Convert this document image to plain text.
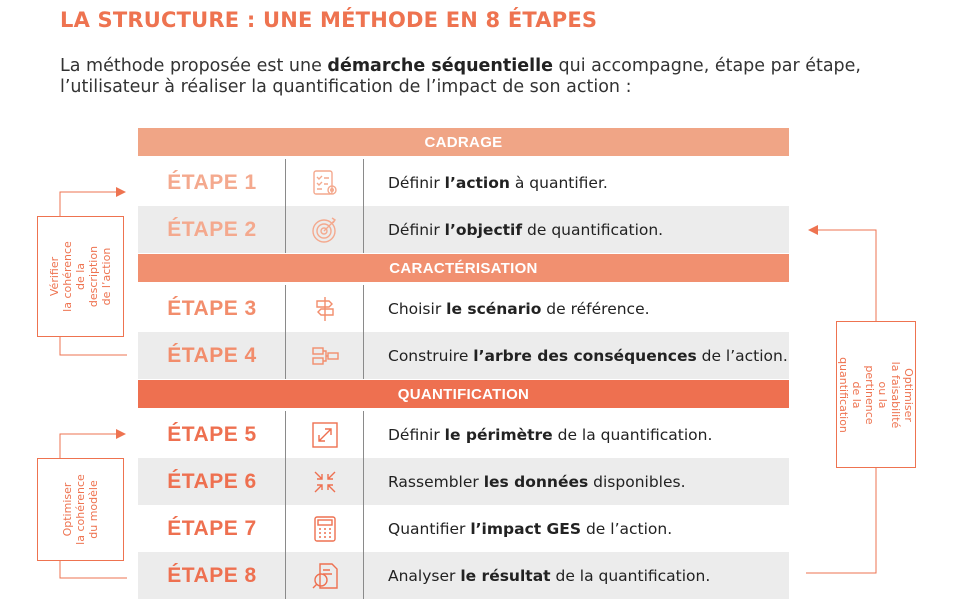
LA STRUCTURE : UNE MÉTHODE EN 8 ÉTAPES
La méthode proposée est une démarche séquentielle qui accompagne, étape par étape, l’utilisateur à réaliser la quantification de l’impact de son action :
CADRAGE
CARACTÉRISATION
QUANTIFICATION
ÉTAPE 1	Définir l’action à quantifier.
ÉTAPE 2	Définir l’objectif de quantification.
ÉTAPE 3	Choisir le scénario de référence.
ÉTAPE 4	Construire l’arbre des conséquences de l’action.
ÉTAPE 5	Définir le périmètre de la quantification.
ÉTAPE 6	Rassembler les données disponibles.
ÉTAPE 7	Quantifier l’impact GES de l’action.
ÉTAPE 8	Analyser le résultat de la quantification.
Vérifier
la cohérence
de la description
de l’action
Optimiser
la cohérence
du modèle
Optimiser
la faisabilité
ou la pertinence
de la quantification
